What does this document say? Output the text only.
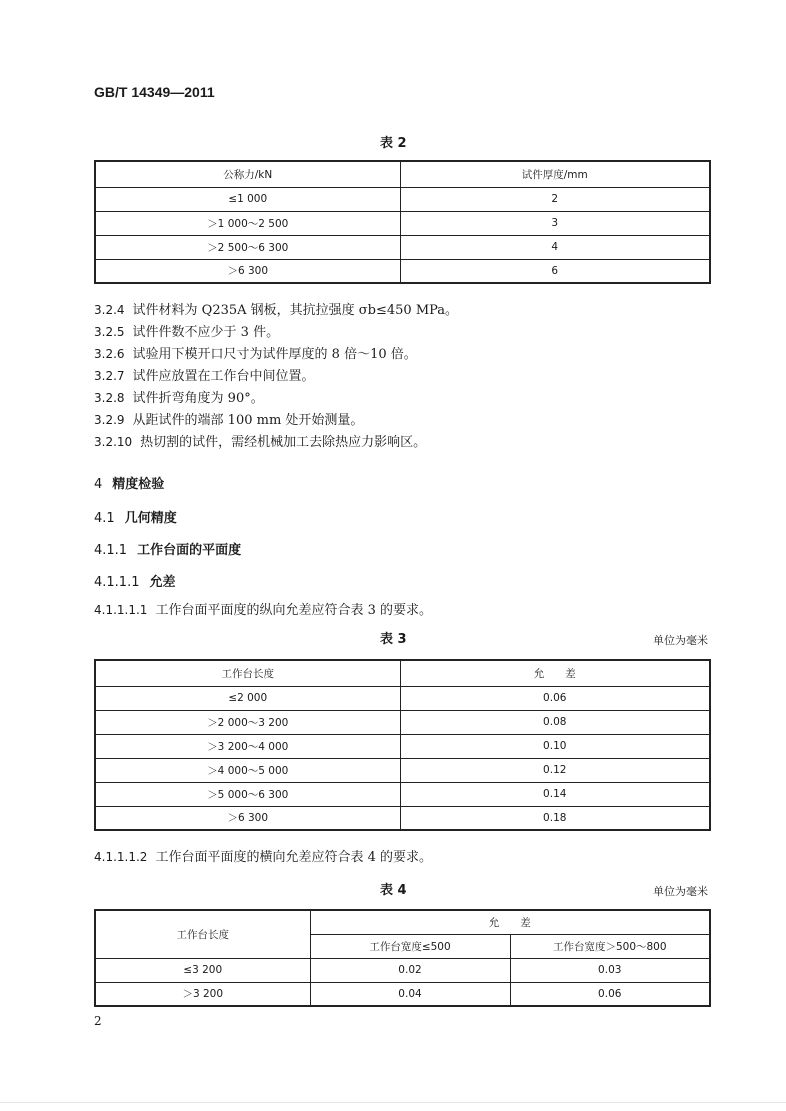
GB/T 14349—2011
表 2
公称力/kN	试件厚度/mm
≤1 000	2
＞1 000～2 500	3
＞2 500～6 300	4
＞6 300	6
3.2.4 试件材料为 Q235A 钢板，其抗拉强度 σb≤450 MPa。
3.2.5 试件件数不应少于 3 件。
3.2.6 试验用下模开口尺寸为试件厚度的 8 倍～10 倍。
3.2.7 试件应放置在工作台中间位置。
3.2.8 试件折弯角度为 90°。
3.2.9 从距试件的端部 100 mm 处开始测量。
3.2.10 热切割的试件，需经机械加工去除热应力影响区。
4 精度检验
4.1 几何精度
4.1.1 工作台面的平面度
4.1.1.1 允差
4.1.1.1.1 工作台面平面度的纵向允差应符合表 3 的要求。
表 3	单位为毫米
工作台长度	允　　差
≤2 000	0.06
＞2 000～3 200	0.08
＞3 200～4 000	0.10
＞4 000～5 000	0.12
＞5 000～6 300	0.14
＞6 300	0.18
4.1.1.1.2 工作台面平面度的横向允差应符合表 4 的要求。
表 4	单位为毫米
工作台长度	允　　差	
	工作台宽度≤500	工作台宽度＞500～800
≤3 200	0.02	0.03
＞3 200	0.04	0.06
2
